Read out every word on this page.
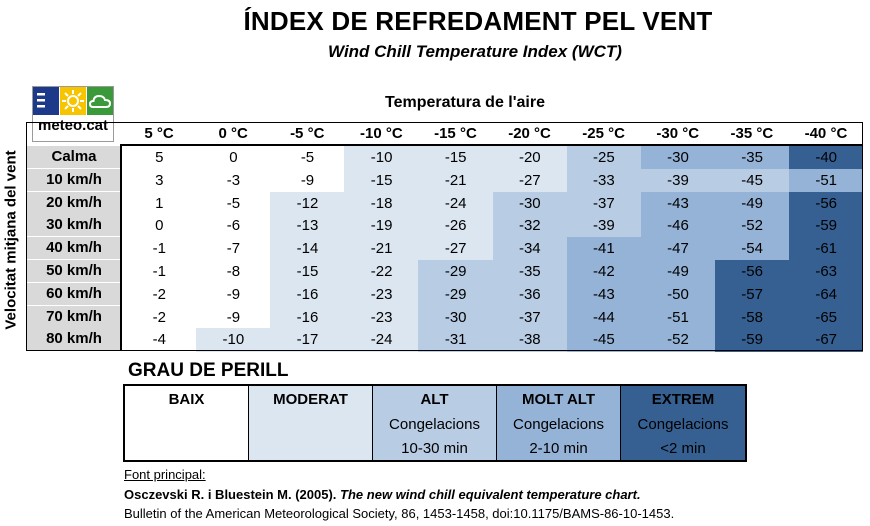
ÍNDEX DE REFREDAMENT PEL VENT
Wind Chill Temperature Index (WCT)
meteo.cat
Temperatura de l'aire
Velocitat mitjana del vent
5 °C	0 °C	-5 °C	-10 °C	-15 °C	-20 °C	-25 °C	-30 °C	-35 °C	-40 °C
Calma	5	0	-5	-10	-15	-20	-25	-30	-35	-40
10 km/h	3	-3	-9	-15	-21	-27	-33	-39	-45	-51
20 km/h	1	-5	-12	-18	-24	-30	-37	-43	-49	-56
30 km/h	0	-6	-13	-19	-26	-32	-39	-46	-52	-59
40 km/h	-1	-7	-14	-21	-27	-34	-41	-47	-54	-61
50 km/h	-1	-8	-15	-22	-29	-35	-42	-49	-56	-63
60 km/h	-2	-9	-16	-23	-29	-36	-43	-50	-57	-64
70 km/h	-2	-9	-16	-23	-30	-37	-44	-51	-58	-65
80 km/h	-4	-10	-17	-24	-31	-38	-45	-52	-59	-67
GRAU DE PERILL
BAIX	MODERAT	ALT
Congelacions
10-30 min
MOLT ALT
Congelacions
2-10 min
EXTREM
Congelacions
<2 min
Font principal:
Osczevski R. i Bluestein M. (2005). The new wind chill equivalent temperature chart.
Bulletin of the American Meteorological Society, 86, 1453-1458, doi:10.1175/BAMS-86-10-1453.
